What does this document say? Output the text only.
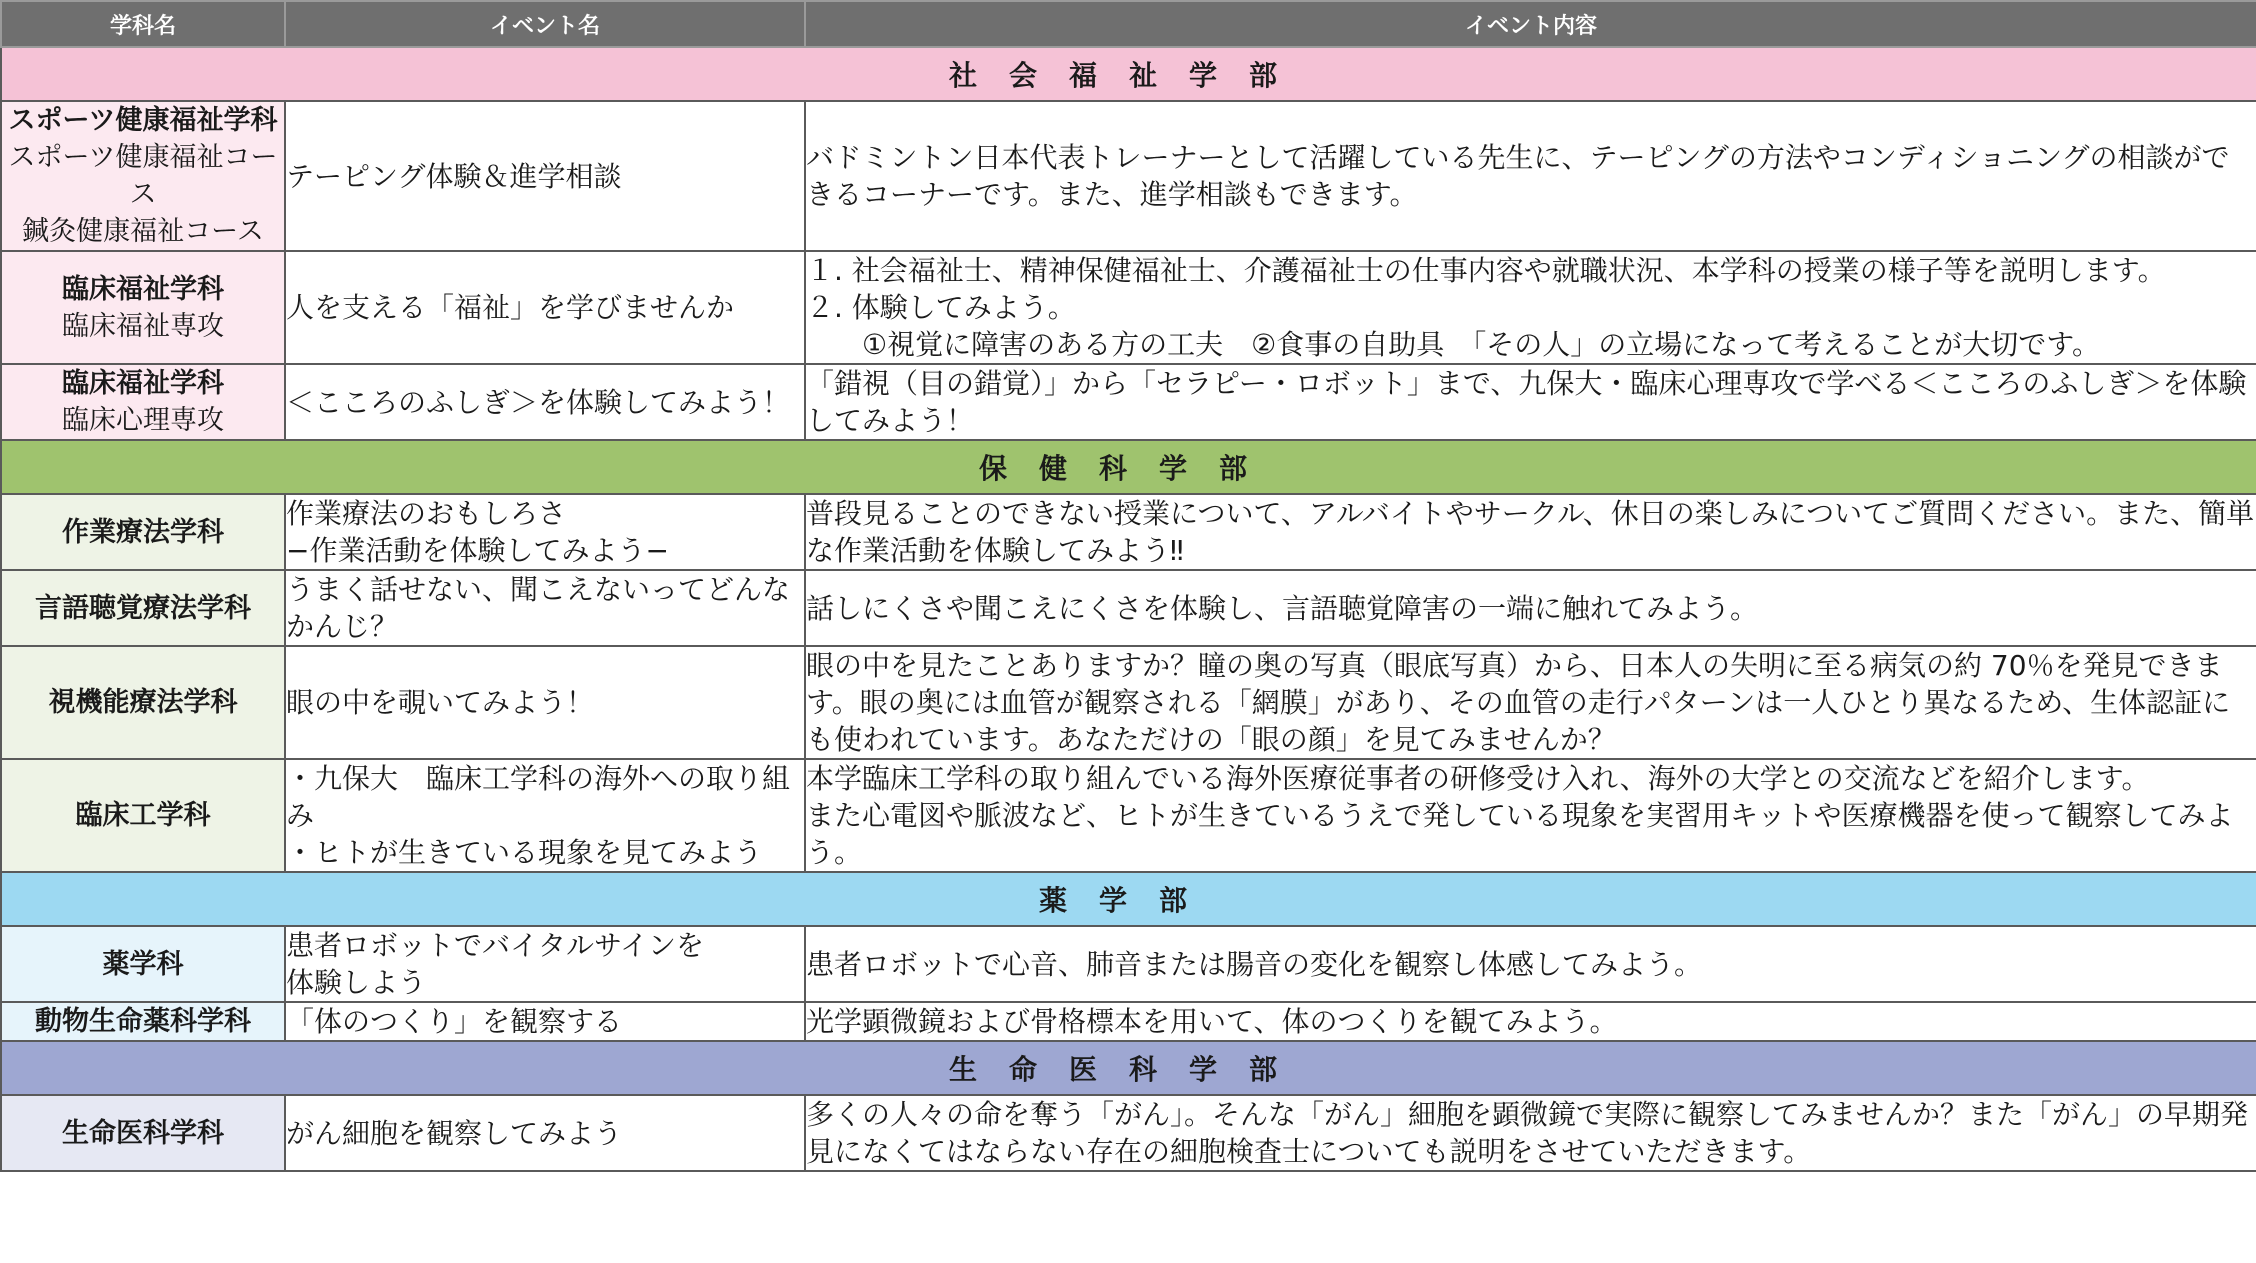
学科名	イベント名	イベント内容
社会福祉学部		

スポーツ健康福祉学科
スポーツ健康福祉コース
鍼灸健康福祉コース	テーピング体験＆進学相談	バドミントン日本代表トレーナーとして活躍している先生に、テーピングの方法やコンディショニングの相談ができるコーナーです。また、進学相談もできます。

臨床福祉学科
臨床福祉専攻	人を支える「福祉」を学びませんか	１. 社会福祉士、精神保健福祉士、介護福祉士の仕事内容や就職状況、本学科の授業の様子等を説明します。
２. 体験してみよう。
　　①視覚に障害のある方の工夫　②食事の自助具　「その人」の立場になって考えることが大切です。

臨床福祉学科
臨床心理専攻	＜こころのふしぎ＞を体験してみよう！	「錯視（目の錯覚）」から「セラピー・ロボット」まで、九保大・臨床心理専攻で学べる＜こころのふしぎ＞を体験してみよう！
保健科学部		

作業療法学科	作業療法のおもしろさ
−作業活動を体験してみよう−	普段見ることのできない授業について、アルバイトやサークル、休日の楽しみについてご質問ください。また、簡単な作業活動を体験してみよう‼

言語聴覚療法学科	うまく話せない、聞こえないってどんなかんじ？	話しにくさや聞こえにくさを体験し、言語聴覚障害の一端に触れてみよう。

視機能療法学科	眼の中を覗いてみよう！	眼の中を見たことありますか？瞳の奥の写真（眼底写真）から、日本人の失明に至る病気の約 70％を発見できます。眼の奥には血管が観察される「網膜」があり、その血管の走行パターンは一人ひとり異なるため、生体認証にも使われています。あなただけの「眼の顔」を見てみませんか？

臨床工学科	・九保大　臨床工学科の海外への取り組み
・ヒトが生きている現象を見てみよう	本学臨床工学科の取り組んでいる海外医療従事者の研修受け入れ、海外の大学との交流などを紹介します。
また心電図や脈波など、ヒトが生きているうえで発している現象を実習用キットや医療機器を使って観察してみよう。
薬学部		

薬学科	患者ロボットでバイタルサインを
体験しよう	患者ロボットで心音、肺音または腸音の変化を観察し体感してみよう。

動物生命薬科学科	「体のつくり」を観察する	光学顕微鏡および骨格標本を用いて、体のつくりを観てみよう。
生命医科学部		

生命医科学科	がん細胞を観察してみよう	多くの人々の命を奪う「がん」。そんな「がん」細胞を顕微鏡で実際に観察してみませんか？また「がん」の早期発見になくてはならない存在の細胞検査士についても説明をさせていただきます。
